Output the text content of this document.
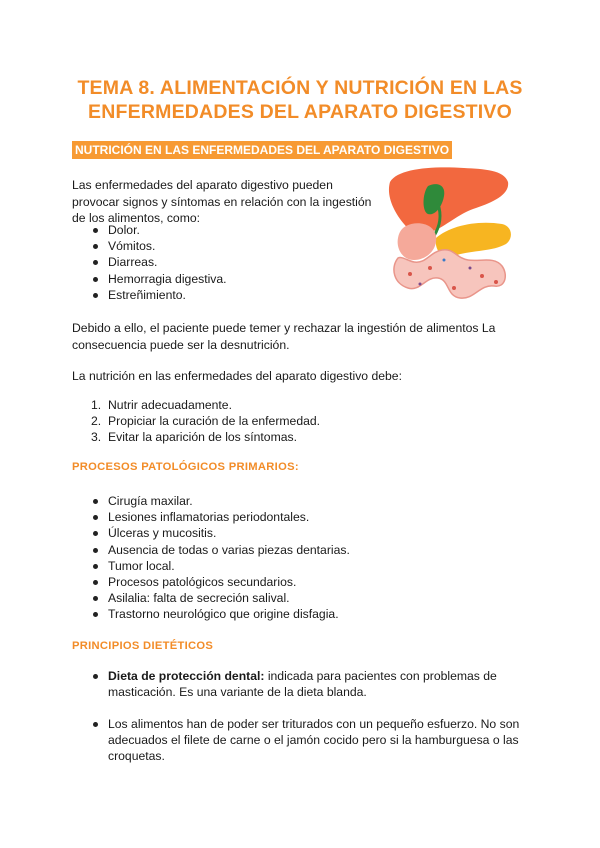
TEMA 8. ALIMENTACIÓN Y NUTRICIÓN EN LAS
ENFERMEDADES DEL APARATO DIGESTIVO
NUTRICIÓN EN LAS ENFERMEDADES DEL APARATO DIGESTIVO
Las enfermedades del aparato digestivo pueden
provocar signos y síntomas en relación con la ingestión
de los alimentos, como:
Dolor.
Vómitos.
Diarreas.
Hemorragia digestiva.
Estreñimiento.
Debido a ello, el paciente puede temer y rechazar la ingestión de alimentos La
consecuencia puede ser la desnutrición.
La nutrición en las enfermedades del aparato digestivo debe:
1. Nutrir adecuadamente.
2. Propiciar la curación de la enfermedad.
3. Evitar la aparición de los síntomas.
PROCESOS PATOLÓGICOS PRIMARIOS:
Cirugía maxilar.
Lesiones inflamatorias periodontales.
Úlceras y mucositis.
Ausencia de todas o varias piezas dentarias.
Tumor local.
Procesos patológicos secundarios.
Asilalia: falta de secreción salival.
Trastorno neurológico que origine disfagia.
PRINCIPIOS DIETÉTICOS
Dieta de protección dental: indicada para pacientes con problemas de
masticación. Es una variante de la dieta blanda.
Los alimentos han de poder ser triturados con un pequeño esfuerzo. No son
adecuados el filete de carne o el jamón cocido pero si la hamburguesa o las
croquetas.
